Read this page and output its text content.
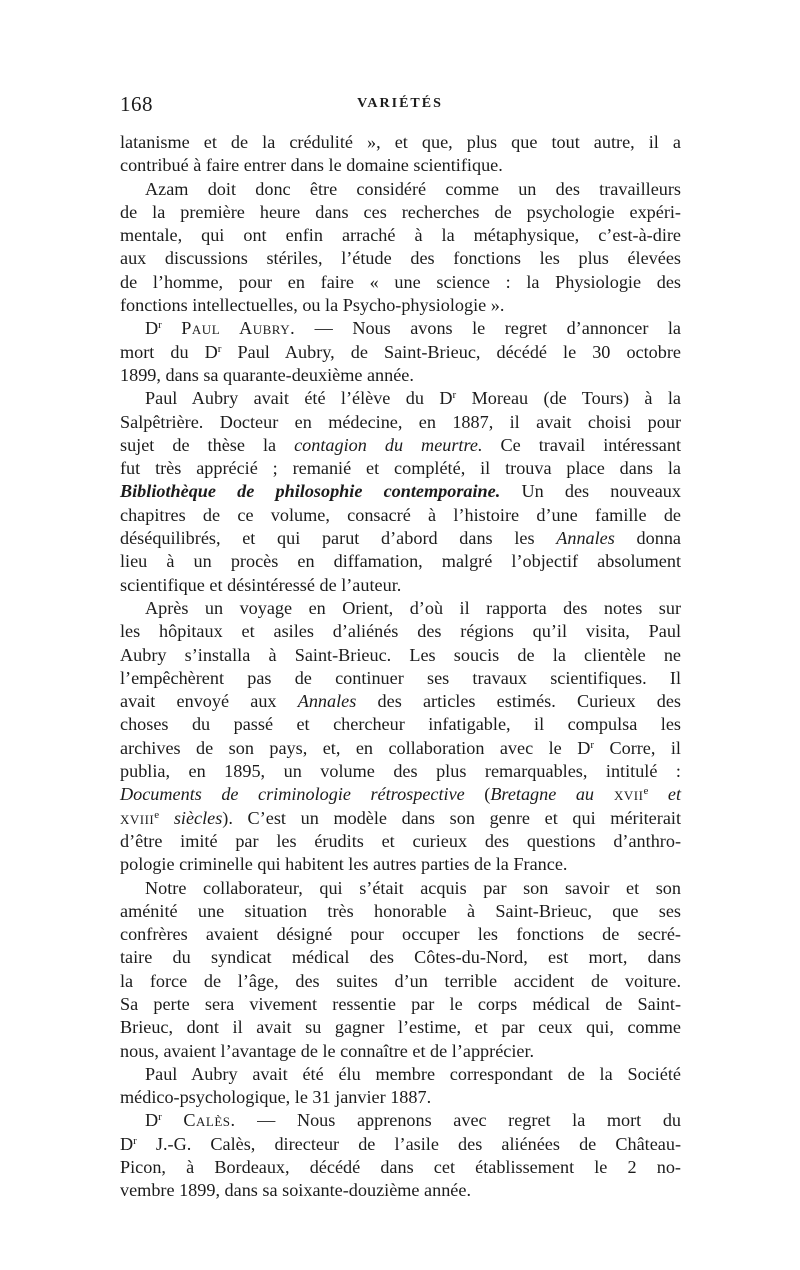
168	VARIÉTÉS
latanisme et de la crédulité », et que, plus que tout autre, il a
contribué à faire entrer dans le domaine scientifique.
Azam doit donc être considéré comme un des travailleurs
de la première heure dans ces recherches de psychologie expéri-
mentale, qui ont enfin arraché à la métaphysique, c’est-à-dire
aux discussions stériles, l’étude des fonctions les plus élevées
de l’homme, pour en faire « une science : la Physiologie des
fonctions intellectuelles, ou la Psycho-physiologie ».
$D^r$ Paul Aubry. — Nous avons le regret d’annoncer la
mort du $D^r$ Paul Aubry, de Saint-Brieuc, décédé le 30 octobre
1899, dans sa quarante-deuxième année.
Paul Aubry avait été l’élève du $D^r$ Moreau (de Tours) à la
Salpêtrière. Docteur en médecine, en 1887, il avait choisi pour
sujet de thèse la contagion du meurtre. Ce travail intéressant
fut très apprécié ; remanié et complété, il trouva place dans la
Bibliothèque de philosophie contemporaine. Un des nouveaux
chapitres de ce volume, consacré à l’histoire d’une famille de
déséquilibrés, et qui parut d’abord dans les Annales donna
lieu à un procès en diffamation, malgré l’objectif absolument
scientifique et désintéressé de l’auteur.
Après un voyage en Orient, d’où il rapporta des notes sur
les hôpitaux et asiles d’aliénés des régions qu’il visita, Paul
Aubry s’installa à Saint-Brieuc. Les soucis de la clientèle ne
l’empêchèrent pas de continuer ses travaux scientifiques. Il
avait envoyé aux Annales des articles estimés. Curieux des
choses du passé et chercheur infatigable, il compulsa les
archives de son pays, et, en collaboration avec le $D^r$ Corre, il
publia, en 1895, un volume des plus remarquables, intitulé :
Documents de criminologie rétrospective (Bretagne au xvii$^e$ et
xviii$^e$ siècles). C’est un modèle dans son genre et qui mériterait
d’être imité par les érudits et curieux des questions d’anthro-
pologie criminelle qui habitent les autres parties de la France.
Notre collaborateur, qui s’était acquis par son savoir et son
aménité une situation très honorable à Saint-Brieuc, que ses
confrères avaient désigné pour occuper les fonctions de secré-
taire du syndicat médical des Côtes-du-Nord, est mort, dans
la force de l’âge, des suites d’un terrible accident de voiture.
Sa perte sera vivement ressentie par le corps médical de Saint-
Brieuc, dont il avait su gagner l’estime, et par ceux qui, comme
nous, avaient l’avantage de le connaître et de l’apprécier.
Paul Aubry avait été élu membre correspondant de la Société
médico-psychologique, le 31 janvier 1887.
$D^r$ Calès. — Nous apprenons avec regret la mort du
$D^r$ J.-G. Calès, directeur de l’asile des aliénées de Château-
Picon, à Bordeaux, décédé dans cet établissement le 2 no-
vembre 1899, dans sa soixante-douzième année.
